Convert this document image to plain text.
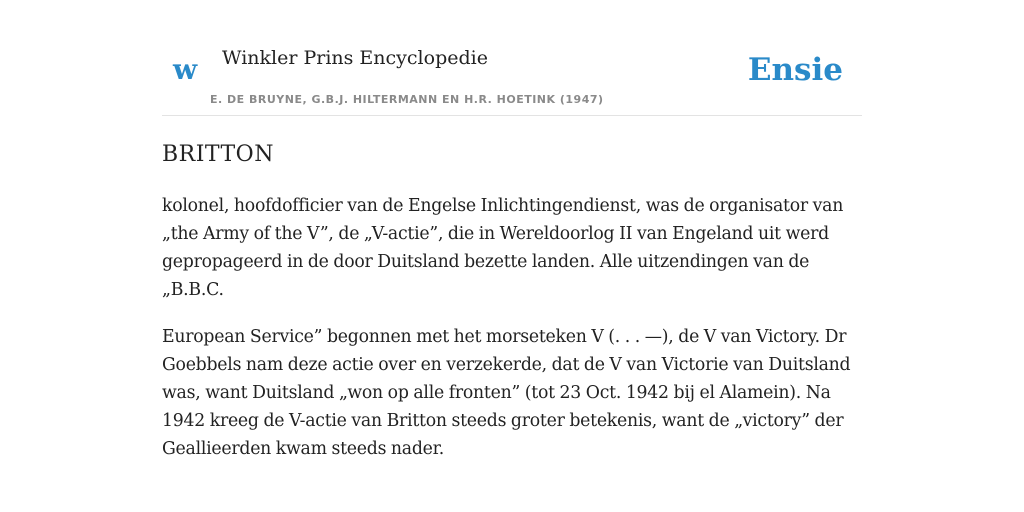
w Winkler Prins Encyclopedie
E. DE BRUYNE, G.B.J. HILTERMANN EN H.R. HOETINK (1947)
Ensie
BRITTON

kolonel, hoofdofficier van de Engelse Inlichtingendienst, was de organisator van „the Army of the V”, de „V-actie”, die in Wereldoorlog II van Engeland uit werd gepropageerd in de door Duitsland bezette landen. Alle uitzendingen van de „B.B.C.

European Service” begonnen met het morseteken V (. . . —), de V van Victory. Dr Goebbels nam deze actie over en verzekerde, dat de V van Victorie van Duitsland was, want Duitsland „won op alle fronten” (tot 23 Oct. 1942 bij el Alamein). Na 1942 kreeg de V-actie van Britton steeds groter betekenis, want de „victory” der Geallieerden kwam steeds nader.
